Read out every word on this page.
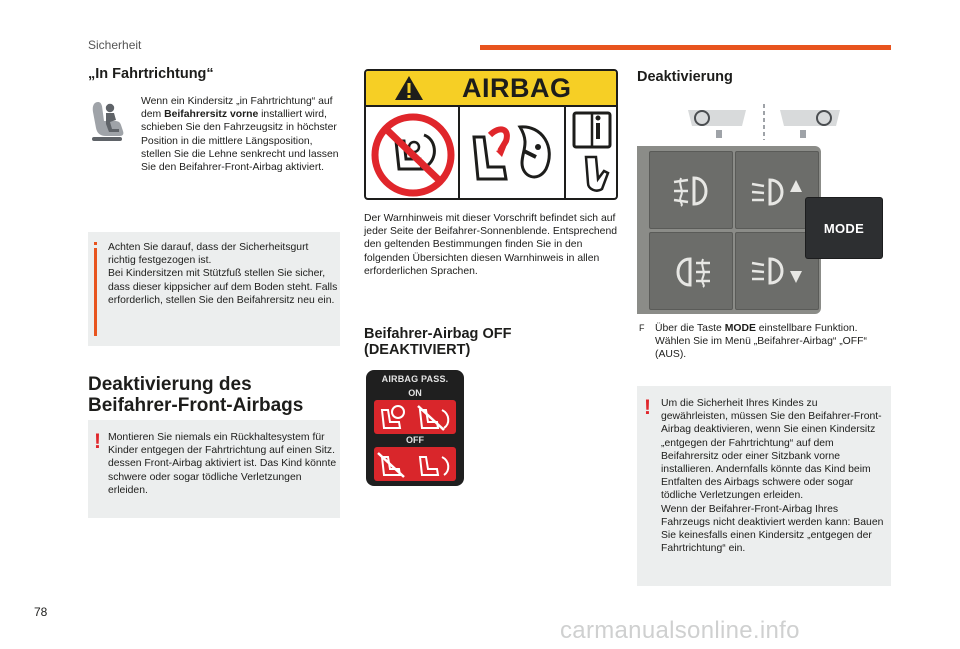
Sicherheit
„In Fahrtrichtung“
Wenn ein Kindersitz „in Fahrtrichtung“ auf dem Beifahrersitz vorne installiert wird, schieben Sie den Fahrzeugsitz in höchster Position in die mittlere Längsposition, stellen Sie die Lehne senkrecht und lassen Sie den Beifahrer-Front-Airbag aktiviert.
Achten Sie darauf, dass der Sicherheitsgurt richtig festgezogen ist.
Bei Kindersitzen mit Stützfuß stellen Sie sicher, dass dieser kippsicher auf dem Boden steht. Falls erforderlich, stellen Sie den Beifahrersitz neu ein.
Deaktivierung des Beifahrer-Front-Airbags
! Montieren Sie niemals ein Rückhaltesystem für Kinder entgegen der Fahrtrichtung auf einen Sitz. dessen Front-Airbag aktiviert ist. Das Kind könnte schwere oder sogar tödliche Verletzungen erleiden.
AIRBAG
Der Warnhinweis mit dieser Vorschrift befindet sich auf jeder Seite der Beifahrer-Sonnenblende. Entsprechend den geltenden Bestimmungen finden Sie in den folgenden Übersichten diesen Warnhinweis in allen erforderlichen Sprachen.
Beifahrer-Airbag OFF
(DEAKTIVIERT)
AIRBAG PASS.
ON
OFF
Deaktivierung
MODE
F Über die Taste MODE einstellbare Funktion. Wählen Sie im Menü „Beifahrer-Airbag“ „OFF“ (AUS).
! Um die Sicherheit Ihres Kindes zu gewährleisten, müssen Sie den Beifahrer-Front-Airbag deaktivieren, wenn Sie einen Kindersitz „entgegen der Fahrtrichtung“ auf dem Beifahrersitz oder einer Sitzbank vorne installieren. Andernfalls könnte das Kind beim Entfalten des Airbags schwere oder sogar tödliche Verletzungen erleiden.
Wenn der Beifahrer-Front-Airbag Ihres Fahrzeugs nicht deaktiviert werden kann: Bauen Sie keinesfalls einen Kindersitz „entgegen der Fahrtrichtung“ ein.
78
carmanualsonline.info
